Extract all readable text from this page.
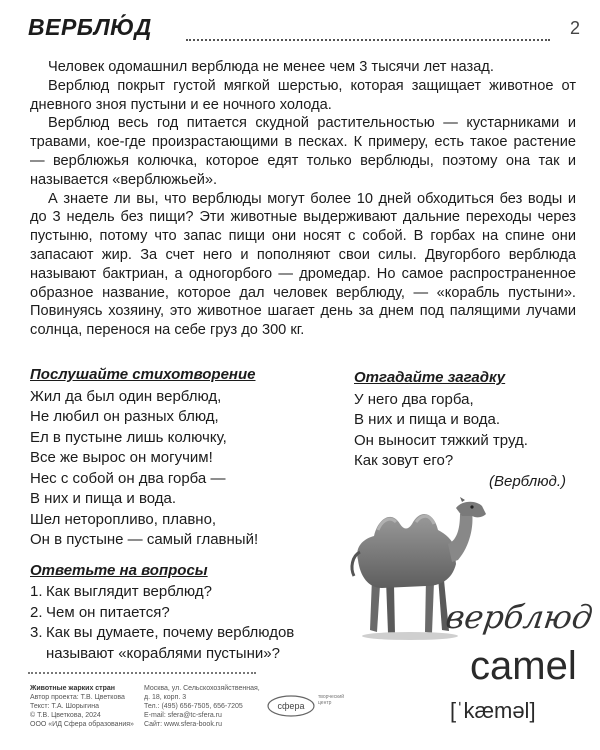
ВЕРБЛЮ́Д	2

Человек одомашнил верблюда не менее чем 3 тысячи лет назад.

Верблюд покрыт густой мягкой шерстью, которая защищает животное от дневного зноя пустыни и ее ночного холода.

Верблюд весь год питается скудной растительностью — кустарниками и травами, кое-где произрастающими в песках. К примеру, есть такое растение — верблюжья колючка, которое едят только верблюды, поэтому она так и называется «верблюжьей».

А знаете ли вы, что верблюды могут более 10 дней обходиться без воды и до 3 недель без пищи? Эти животные выдерживают дальние переходы через пустыню, потому что запас пищи они носят с собой. В горбах на спине они запасают жир. За счет него и пополняют свои силы. Двугорбого верблюда называют бактриан, а одногорбого — дромедар. Но самое распространенное образное название, которое дал человек верблюду, — «корабль пустыни». Повинуясь хозяину, это животное шагает день за днем под палящими лучами солнца, перенося на себе груз до 300 кг.

Послушайте стихотворение
Жил да был один верблюд,
Не любил он разных блюд,
Ел в пустыне лишь колючку,
Все же вырос он могучим!
Нес с собой он два горба —
В них и пища и вода.
Шел неторопливо, плавно,
Он в пустыне — самый главный!
Ответьте на вопросы
1. Как выглядит верблюд?
2. Чем он питается?
3. Как вы думаете, почему верблюдов называют «кораблями пустыни»?
Отгадайте загадку
У него два горба,
В них и пища и вода.
Он выносит тяжкий труд.
Как зовут его?
(Верблюд.)
верблюд
camel
[ˈkæməl]
Животные жарких стран
Автор проекта: Т.В. Цветкова
Текст: Т.А. Шорыгина
© Т.В. Цветкова, 2024
ООО «ИД Сфера образования»
Москва, ул. Сельскохозяйственная,
д. 18, корп. 3
Тел.: (495) 656-7505, 656-7205
E-mail: sfera@tc-sfera.ru
Сайт: www.sfera-book.ru
сфера
творческий центр
